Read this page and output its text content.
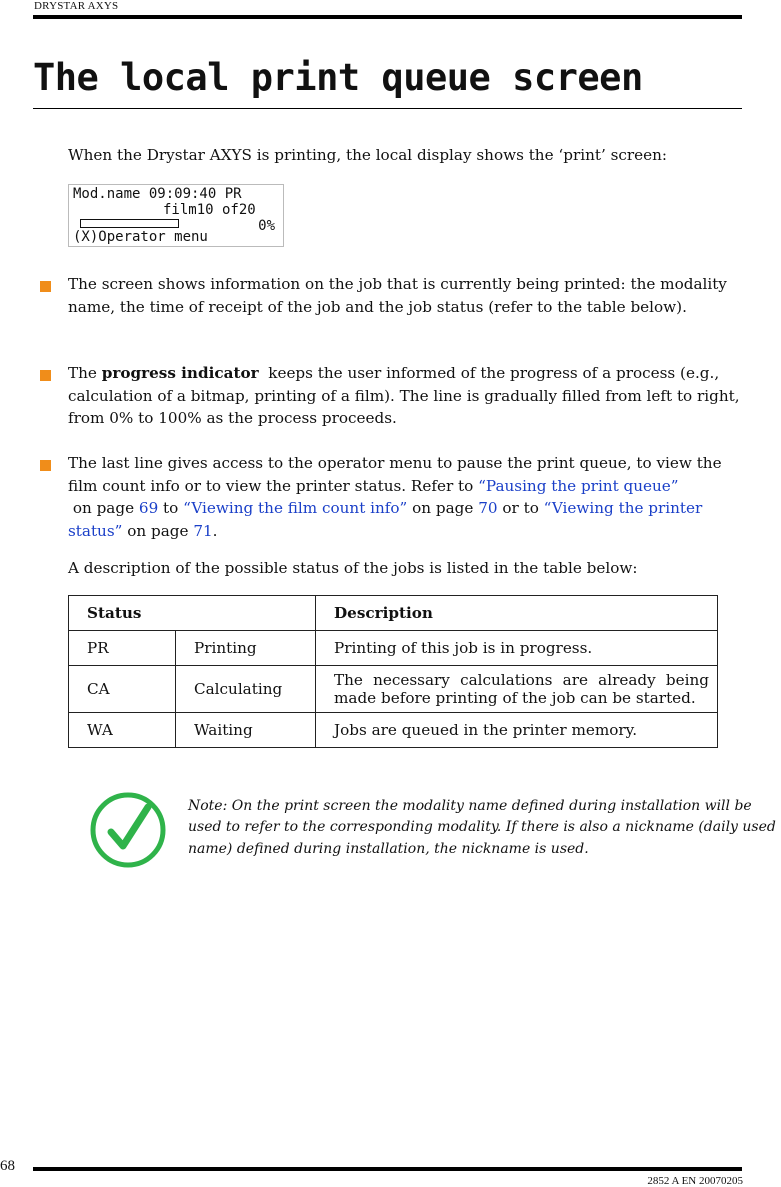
DRYSTAR AXYS
The local print queue screen

When the Drystar AXYS is printing, the local display shows the ‘print’ screen:

Mod.name 09:09:40 PR
film10 of20
0%
(X)Operator menu

The screen shows information on the job that is currently being printed: the modality name, the time of receipt of the job and the job status (refer to the table below).

The progress indicator  keeps the user informed of the progress of a process (e.g., calculation of a bitmap, printing of a film). The line is gradually filled from left to right, from 0% to 100% as the process proceeds.

The last line gives access to the operator menu to pause the print queue, to view the film count info or to view the printer status. Refer to “Pausing the print queue” on page 69 to “Viewing the film count info” on page 70 or to “Viewing the printer status” on page 71.

A description of the possible status of the jobs is listed in the table below:

Status		Description
PR	Printing	Printing of this job is in progress.
CA	Calculating	The necessary calculations are already being made before printing of the job can be started.
WA	Waiting	Jobs are queued in the printer memory.

Note: On the print screen the modality name defined during installation will be used to refer to the corresponding modality. If there is also a nickname (daily used name) defined during installation, the nickname is used.

68
2852 A EN 20070205
